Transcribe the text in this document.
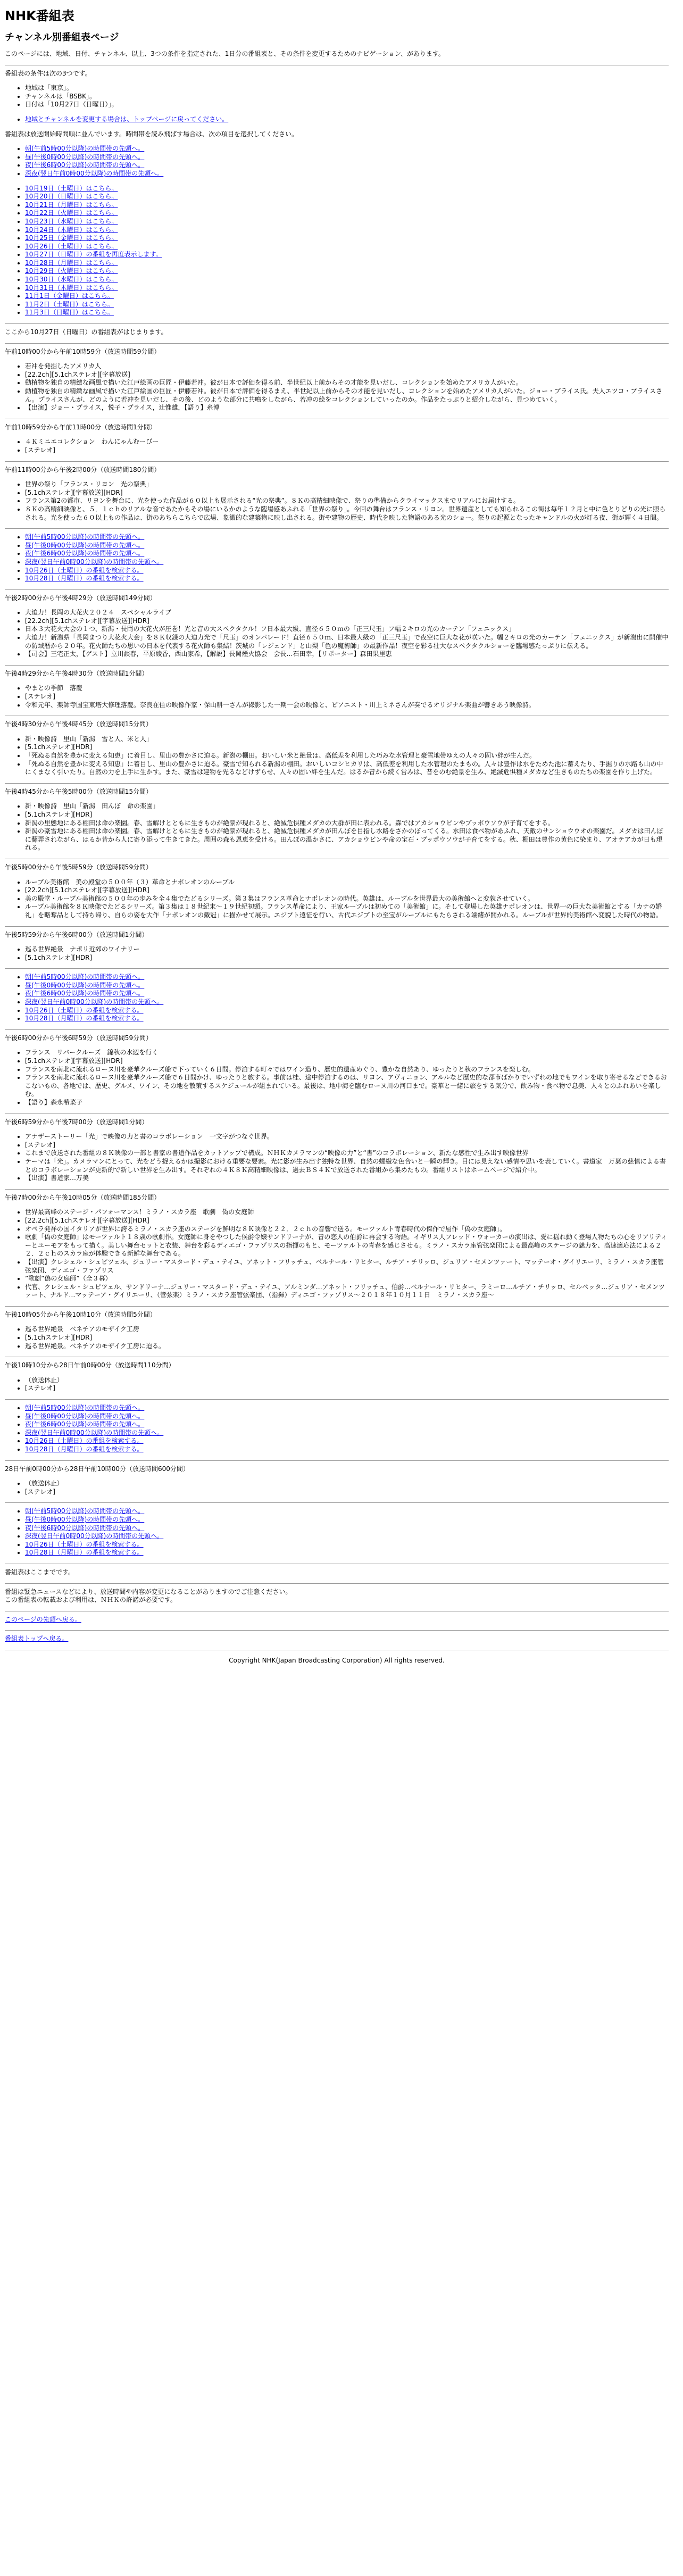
NHK番組表
チャンネル別番組表ページ

このページには、地域、日付、チャンネル、以上、3つの条件を指定された、1日分の番組表と、その条件を変更するためのナビゲーション、があります。

番組表の条件は次の3つです。

• 地域は「東京」。
• チャンネルは「BSBK」。
• 日付は「10月27日（日曜日）」。
• 地域とチャンネルを変更する場合は、トップページに戻ってください。

番組表は放送開始時間順に並んでいます。時間帯を読み飛ばす場合は、次の項目を選択してください。

• 朝(午前5時00分以降)の時間帯の先頭へ。
• 昼(午後0時00分以降)の時間帯の先頭へ。
• 夜(午後6時00分以降)の時間帯の先頭へ。
• 深夜(翌日午前0時00分以降)の時間帯の先頭へ。
• 10月19日（土曜日）はこちら。
• 10月20日（日曜日）はこちら。
• 10月21日（月曜日）はこちら。
• 10月22日（火曜日）はこちら。
• 10月23日（水曜日）はこちら。
• 10月24日（木曜日）はこちら。
• 10月25日（金曜日）はこちら。
• 10月26日（土曜日）はこちら。
• 10月27日（日曜日）の番組を再度表示します。
• 10月28日（月曜日）はこちら。
• 10月29日（火曜日）はこちら。
• 10月30日（水曜日）はこちら。
• 10月31日（木曜日）はこちら。
• 11月1日（金曜日）はこちら。
• 11月2日（土曜日）はこちら。
• 11月3日（日曜日）はこちら。

ここから10月27日（日曜日）の番組表がはじまります。

午前10時00分から午前10時59分（放送時間59分間）

• 若冲を発掘したアメリカ人
• [22.2ch][5.1chステレオ][字幕放送]
• 動植物を独自の精緻な画風で描いた江戸絵画の巨匠・伊藤若冲。彼が日本で評価を得る前、半世紀以上前からその才能を見いだし、コレクションを始めたアメリカ人がいた。
• 動植物を独自の精緻な画風で描いた江戸絵画の巨匠・伊藤若冲。彼が日本で評価を得るまえ、半世紀以上前からその才能を見いだし、コレクションを始めたアメリカ人がいた。ジョー・プライス氏。夫人エツコ・プライスさん。プライスさんが、どのように若冲を見いだし、その後、どのような部分に共鳴をしながら、若冲の絵をコレクションしていったのか。作品をたっぷりと紹介しながら、見つめていく。
• 【出演】ジョー・プライス，悦子・プライス，辻惟雄，【語り】糸博

午前10時59分から午前11時00分（放送時間1分間）

• ４Ｋミニエコレクション　わんにゃんむーびー
• [ステレオ]

午前11時00分から午後2時00分（放送時間180分間）

• 世界の祭り「フランス・リヨン　光の祭典」
• [5.1chステレオ][字幕放送][HDR]
• フランス第2の都市、リヨンを舞台に、光を使った作品が６０以上も展示される“光の祭典”。８Ｋの高精細映像で、祭りの準備からクライマックスまでリアルにお届けする。
• ８Ｋの高精細映像と、５．１ｃｈのリアルな音であたかもその場にいるかのような臨場感あふれる「世界の祭り」。今回の舞台はフランス・リヨン。世界遺産としても知られるこの街は毎年１２月と中に色とりどりの光に照らされる。光を使った６０以上もの作品は、街のあちらこちらで広場、象徴的な建築物に映し出される。街や建物の歴史、時代を映した物語のある光のショー。祭りの起源となったキャンドルの火が灯る夜、街が輝く４日間。
• 朝(午前5時00分以降)の時間帯の先頭へ。
• 昼(午後0時00分以降)の時間帯の先頭へ。
• 夜(午後6時00分以降)の時間帯の先頭へ。
• 深夜(翌日午前0時00分以降)の時間帯の先頭へ。
• 10月26日（土曜日）の番組を検索する。
• 10月28日（月曜日）の番組を検索する。

午後2時00分から午後4時29分（放送時間149分間）

• 大迫力！長岡の大花火２０２４　スペシャルライブ
• [22.2ch][5.1chステレオ][字幕放送][HDR]
• 日本３大花火大会の１つ、新潟・長岡の大花火が圧巻！光と音の大スペクタクル！フ日本最大級、直径６５０ｍの「正三尺玉」フ幅２キロの光のカーテン「フェニックス」
• 大迫力！新潟県「長岡まつり大花火大会」を８Ｋ収録の大迫力光で「尺玉」のオンパレード！直径６５０ｍ、日本最大級の「正三尺玉」で夜空に巨大な花が咲いた。幅２キロの光のカーテン「フェニックス」が新潟出に開催中の防域暦から２０年。花火師たちの思いの日本を代表する花火師も集結！茨城の「レジェンド」と山梨「色の魔術師」の最新作品！夜空を彩る壮大なスペクタクルショーを臨場感たっぷりに伝える。
• 【司会】三宅正太，【ゲスト】立川談春，平原綾香，西山家希，【解説】長岡煙火協会　会長…石田幸，【リポーター】森田果里恵

午後4時29分から午後4時30分（放送時間1分間）

• やまとの季節　落慶
• [ステレオ]
• 令和元年、薬師寺国宝東塔大修理落慶。奈良在住の映像作家・保山耕一さんが撮影した一期一会の映像と、ピアニスト・川上ミネさんが奏でるオリジナル楽曲が響きあう映像詩。

午後4時30分から午後4時45分（放送時間15分間）

• 新・映像詩　里山「新潟　雪と人、米と人」
• [5.1chステレオ][HDR]
• 「死ぬる自然を豊かに変える知恵」に着目し、里山の豊かさに迫る。新潟の棚田。おいしい米と絶景は、高低差を利用した巧みな水管理と豪雪地帯ゆえの人々の固い絆が生んだ。
• 「死ぬる自然を豊かに変える知恵」に着目し、里山の豊かさに迫る。豪雪で知られる新潟の棚田。おいしいコシヒカリは、高低差を利用した水管理のたまもの。人々は豊作は水をためた池に蓄えたり、手掘りの水路も山の中にくまなく引いたり。自然の力を上手に生かす。また、豪雪は建物を先るなどけずらせ、人々の固い絆を生んだ。はるか昔から続く営みは、昔をのむ絶景を生み、絶滅危惧種メダカなど生きものたちの楽園を作り上げた。

午後4時45分から午後5時00分（放送時間15分間）

• 新・映像詩　里山「新潟　田んぼ　命の楽園」
• [5.1chステレオ][HDR]
• 新潟の里態地にある棚田は命の楽園。春、雪解けとともに生きものが絶景が現れると、絶滅危惧種メダカの大群が田に表われる。森ではアカショウビンやブッポウソウが子育てをする。
• 新潟の豪雪地にある棚田は命の楽園。春、雪解けとともに生きものが絶景が現れると、絶滅危惧種メダカが田んぼを目指し水路をさかのぼってくる。水田は食べ物があふれ、天敵のサンショウウオの楽園だ。メダカは田んぼに翻弄されながら、はるか昔から人に寄り添って生きてきた。周囲の森も恩恵を受ける。田んぼの温かさに、アカショウビンや命の宝石・ブッポウソウが子育てをする。秋、棚田は豊作の黄色に染まり、アオテアカが日も現れる。

午後5時00分から午後5時59分（放送時間59分間）

• ルーブル美術館　美の殿堂の５００年（３）革命とナポレオンのルーブル
• [22.2ch][5.1chステレオ][字幕放送][HDR]
• 美の殿堂・ルーブル美術館の５００年の歩みを全４集でたどるシリーズ。第３集はフランス革命とナポレオンの時代。英雄は、ルーブルを世界最大の美術館へと変貌させていく。
• ルーブル美術館を８Ｋ映像でたどるシリーズ。第３集は１８世紀末〜１９世紀初頭。フランス革命により、王家ルーブルは初めての「美術館」に。そして登場した英雄ナポレオンは、世界一の巨大な美術館とする「カナの婚礼」を略奪品として持ち帰り、自らの姿を大作「ナポレオンの戴冠」に描かせて展示。エジプト遠征を行い、古代エジプトの至宝がルーブルにもたらされる端緒が開かれる。ルーブルが世界的美術館へ変貌した時代の物語。

午後5時59分から午後6時00分（放送時間1分間）

• 巡る世界絶景　ナポリ近郊のワイナリー
• [5.1chステレオ][HDR]
• 朝(午前5時00分以降)の時間帯の先頭へ。
• 昼(午後0時00分以降)の時間帯の先頭へ。
• 夜(午後6時00分以降)の時間帯の先頭へ。
• 深夜(翌日午前0時00分以降)の時間帯の先頭へ。
• 10月26日（土曜日）の番組を検索する。
• 10月28日（月曜日）の番組を検索する。

午後6時00分から午後6時59分（放送時間59分間）

• フランス　リバークルーズ　錦秋の水辺を行く
• [5.1chステレオ][字幕放送][HDR]
• フランスを南北に流れるローヌ川を豪華クルーズ船で下っていく６日間。停泊する町々ではワイン造り、歴史的遺産めぐり、豊かな自然あり、ゆったりと秋のフランスを楽しむ。
• フランスを南北に流れるローヌ川を豪華クルーズ船で６日間かけ、ゆったりと旅する。事前は桂、途中停泊するのは、リヨン、アヴィニョン、アルルなど歴史的な都市ばかりでいずれの地でもワインを取り寄せるなどできるおこないもの、各地では、歴史、グルメ、ワイン、その地を散策するスケジュールが組まれている。最後は、地中海を臨むローヌ川の河口まで。豪華と一緒に旅をする気分で、飲み物・食べ物で息美、人々とのふれあいを楽しむ。
• 【語り】森永希菜子

午後6時59分から午後7時00分（放送時間1分間）

• アナザーストーリー「光」で映像の力と書のコラボレーション　一文字がつなぐ世界。
• [ステレオ]
• これまで放送された番組の８Ｋ映像の一部と書家の書道作品をカットアップで構成。ＮＨＫカメラマンの“映像の力”と“書”のコラボレーション、新たな感性で生み出す映像世界
• テーマは「光」。カメラマンにとって、光をどう捉えるかは撮影における重要な要素。光に影が生み出す独特な世界、自然の螺繊な色合いと一瞬の輝き。目には見えない感情や思いを表していく。書道家　万葉の慈慎による書とのコラボレーションが更新的で新しい世界を生み出す。それぞれの４Ｋ８Ｋ高精細映像は、過去ＢＳ４Ｋで放送された番組から集めたもの。番組リストはホームページで紹介中。
• 【出演】書道家…万美

午後7時00分から午後10時05分（放送時間185分間）

• 世界最高峰のステージ・パフォーマンス！ミラノ・スカラ座　歌劇　偽の女庭師
• [22.2ch][5.1chステレオ][字幕放送][HDR]
• オペラ発祥の国イタリアが世界に誇るミラノ・スカラ座のステージを鮮明な８Ｋ映像と２２．２ｃｈの音響で送る。モーツァルト青春時代の傑作で屈作「偽の女庭師」。
• 歌劇「偽の女庭師」はモーツァルト１８歳の歌劇作。女庭師に身をやつした侯爵令嬢サンドリーナが、昔の恋人の伯爵に再会する物語。イギリス人フレッド・ウォーカーの演出は、愛に揺れ動く登場人物たちの心をリアリティーとユーモアをもって描く。美しい舞台セットと衣装、舞台を彩るディエゴ・ファゾリスの指揮のもと、モーツァルトの青春を感じさせる。ミラノ・スカラ座管弦楽団による最高峰のステージの魅力を、高速適応法による２２．２ｃｈのスカラ座が体験できる新鮮な舞台である。
• 【出演】クレシェル・シュピツェル、ジュリー・マスタード・デュ・テイユ、アネット・フリッチュ、ベルナール・リヒター、ルチア・チリッロ、ジュリア・セメンツァート、マッテーオ・グイリエーリ、ミラノ・スカラ座管弦楽団、ディエゴ・ファゾリス
• ”歌劇”偽の女庭師”（全３幕）
• 代官、クレシェル・シュピツェル、サンドリーナ…ジュリー・マスタード・デュ・テイユ、アルミンダ…アネット・フリッチュ、伯爵…ベルナール・リヒター、ラミーロ…ルチア・チリッロ、セルペッタ…ジュリア・セメンツァート、ナルド…マッテーア・グイリエーリ、（管弦楽）ミラノ・スカラ座管弦楽団、（指揮）ディエゴ・ファゾリス〜２０１８年１０月１１日　ミラノ・スカラ座〜

午後10時05分から午後10時10分（放送時間5分間）

• 巡る世界絶景　ベネチアのモザイク工房
• [5.1chステレオ][HDR]
• 巡る世界絶景。ベネチアのモザイク工房に迫る。

午後10時10分から28日午前0時00分（放送時間110分間）

• （放送休止）
• [ステレオ]
• 朝(午前5時00分以降)の時間帯の先頭へ。
• 昼(午後0時00分以降)の時間帯の先頭へ。
• 夜(午後6時00分以降)の時間帯の先頭へ。
• 深夜(翌日午前0時00分以降)の時間帯の先頭へ。
• 10月26日（土曜日）の番組を検索する。
• 10月28日（月曜日）の番組を検索する。

28日午前0時00分から28日午前10時00分（放送時間600分間）

• （放送休止）
• [ステレオ]
• 朝(午前5時00分以降)の時間帯の先頭へ。
• 昼(午後0時00分以降)の時間帯の先頭へ。
• 夜(午後6時00分以降)の時間帯の先頭へ。
• 深夜(翌日午前0時00分以降)の時間帯の先頭へ。
• 10月26日（土曜日）の番組を検索する。
• 10月28日（月曜日）の番組を検索する。

番組表はここまでです。

番組は緊急ニュースなどにより、放送時間や内容が変更になることがありますのでご注意ください。
この番組表の転載および利用は、ＮＨＫの許諾が必要です。

このページの先頭へ戻る。

番組表トップへ戻る。

Copyright NHK(Japan Broadcasting Corporation) All rights reserved.
